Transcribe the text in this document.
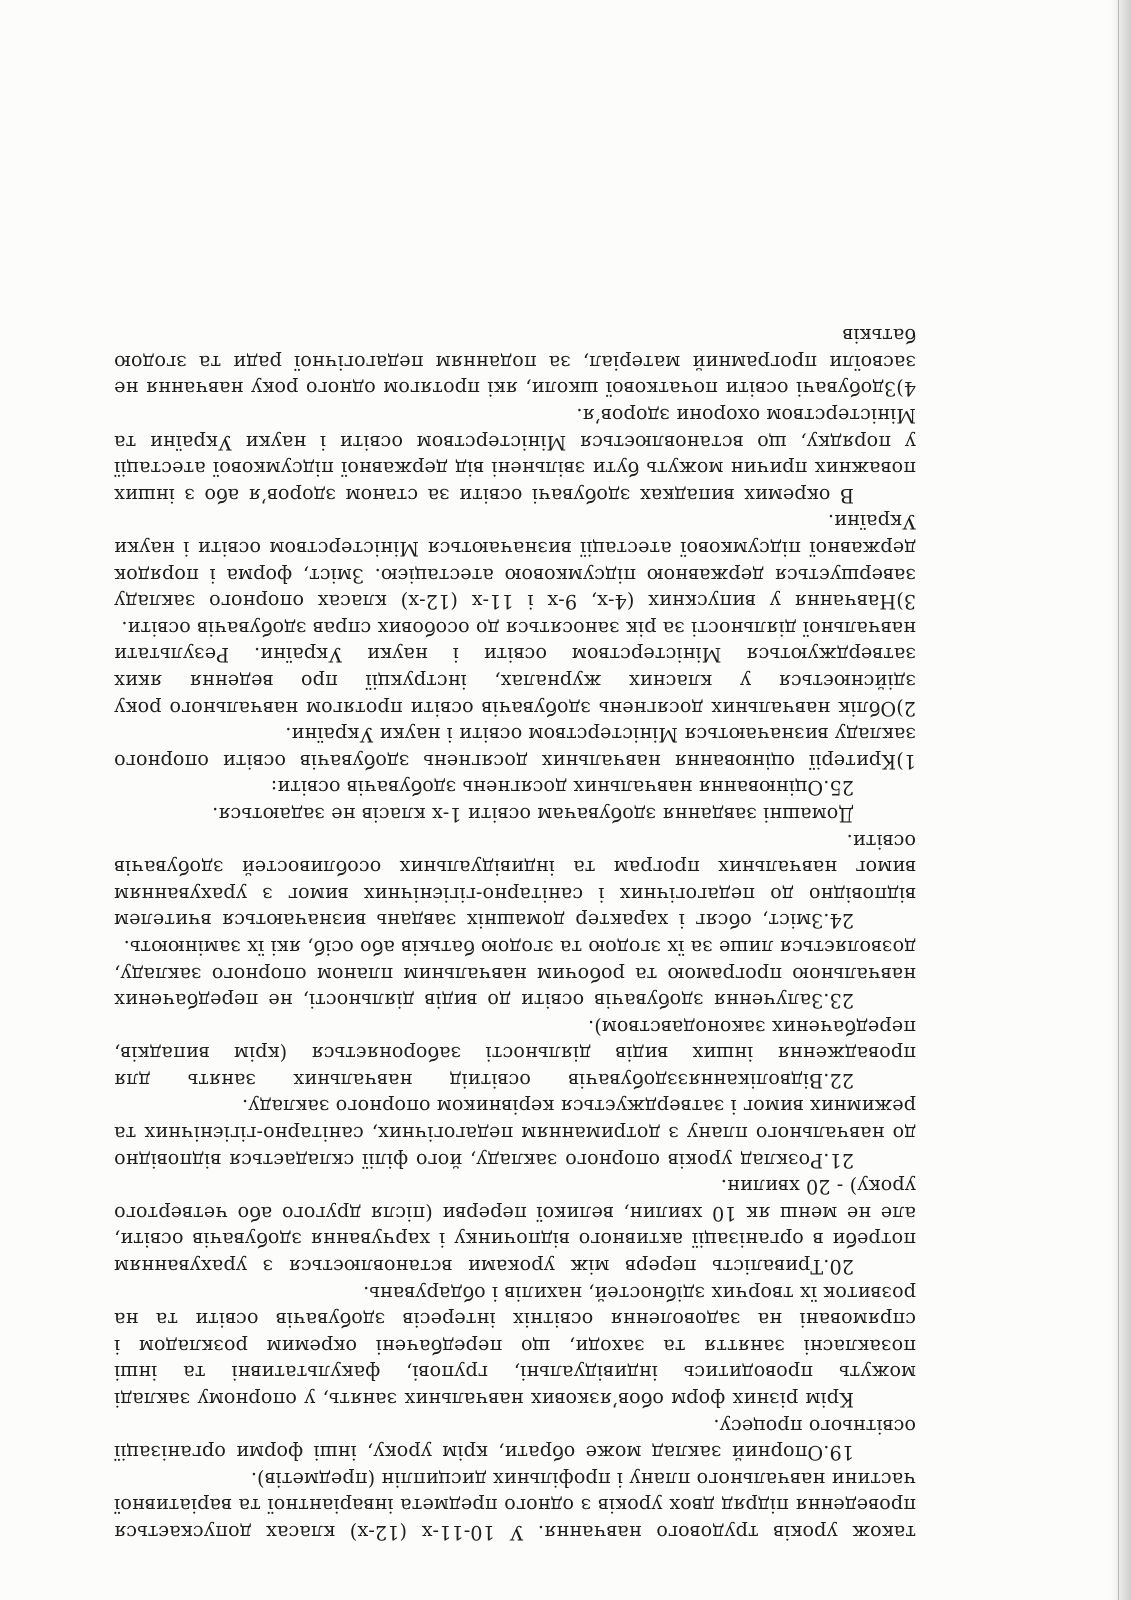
також уроків трудового навчання. У 10-11-х (12-х) класах допускається проведення підряд двох уроків з одного предмета інваріантної та варіативної частини навчального плану і профільних дисциплін (предметів).

19.Опорний заклад може обрати, крім уроку, інші форми організації освітнього процесу.

Крім різних форм обов’язкових навчальних занять, у опорному закладі можуть проводитись індивідуальні, групові, факультативні та інші позакласні заняття та заходи, що передбачені окремим розкладом і спрямовані на задоволення освітніх інтересів здобувачів освіти та на розвиток їх творчих здібностей, нахилів і обдарувань.

20.Тривалість перерв між уроками встановлюється з урахуванням потреби в організації активного відпочинку і харчування здобувачів освіти, але не менш як 10 хвилин, великої перерви (після другого або четвертого уроку) - 20 хвилин.

21.Розклад уроків опорного закладу, його філії складається відповідно до навчального плану з дотриманням педагогічних, санітарно-гігієнічних та режимних вимог і затверджується керівником опорного закладу.

22.Відволіканнязздобувачів освітиід навчальних занять для провадження інших видів діяльності забороняється (крім випадків, передбачених законодавством).

23.Залучення здобувачів освіти до видів діяльності, не передбачених навчальною програмою та робочим навчальним планом опорного закладу, дозволяється лише за їх згодою та згодою батьків або осіб, які їх замінюють.

24.Зміст, обсяг і характер домашніх завдань визначаються вчителем відповідно до педагогічних і санітарно-гігієнічних вимог з урахуванням вимог навчальних програм та індивідуальних особливостей здобувачів освіти.

Домашні завдання здобувачам освіти 1-х класів не задаються.

25.Оцінювання навчальних досягнень здобувачів освіти:

1)Критерії оцінювання навчальних досягнень здобувачів освіти опорного закладу визначаються Міністерством освіти і науки України.

2)Облік навчальних досягнень здобувачів освіти протягом навчального року здійснюється у класних журналах, інструкції про ведення яких затверджуються Міністерством освіти і науки України. Результати навчальної діяльності за рік заносяться до особових справ здобувачів освіти.

3)Навчання у випускних (4-х, 9-х і 11-х (12-х) класах опорного закладу завершується державною підсумковою атестацією. Зміст, форма і порядок державної підсумкової атестації визначаються Міністерством освіти і науки України.

В окремих випадках здобувачі освіти за станом здоров’я або з інших поважних причин можуть бути звільнені від державної підсумкової атестації у порядку, що встановлюється Міністерством освіти і науки України та Міністерством охорони здоров’я.

4)Здобувачі освіти початкової школи, які протягом одного року навчання не засвоїли програмний матеріал, за поданням педагогічної ради та згодою батьків
